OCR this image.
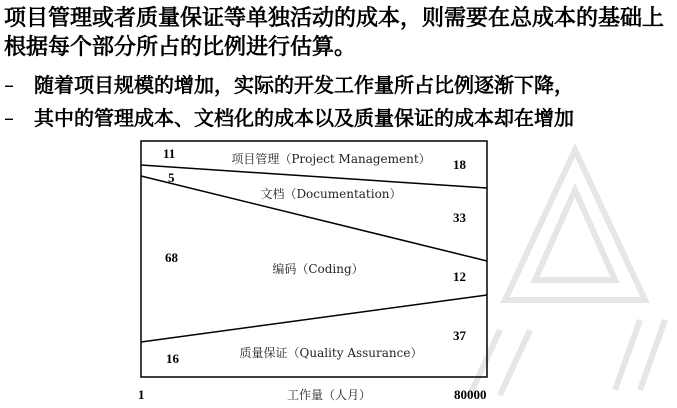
项目管理或者质量保证等单独活动的成本，则需要在总成本的基础上根据每个部分所占的比例进行估算。

– 随着项目规模的增加，实际的开发工作量所占比例逐渐下降，
– 其中的管理成本、文档化的成本以及质量保证的成本却在增加
项目管理（Project Management）
文档（Documentation）
编码（Coding）
质量保证（Quality Assurance）
11
5
68
16
18
33
12
37
1	工作量（人月）	80000
